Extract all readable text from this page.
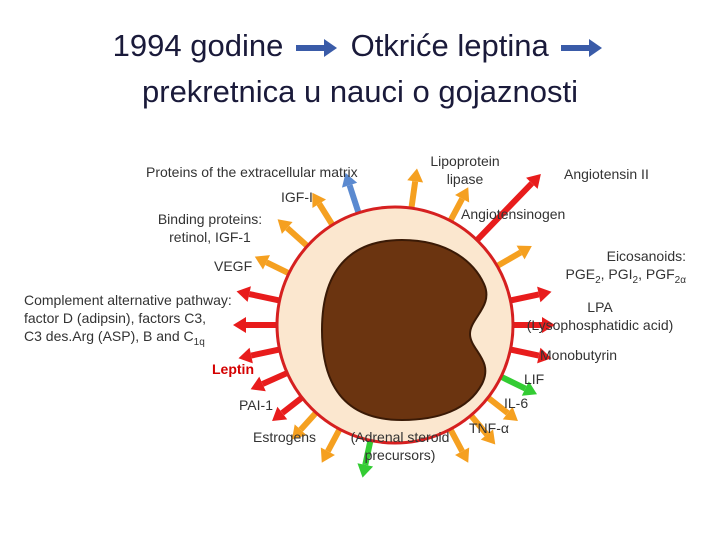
1994 godine Otkriće leptina
prekretnica u nauci o gojaznosti
Proteins of the extracellular matrix
IGF-I
Binding proteins:
retinol, IGF-1
VEGF
Complement alternative pathway:
factor D (adipsin), factors C3,
C3 des.Arg (ASP), B and $C_{1q}$
Leptin
PAI-1
Estrogens	(Adrenal steroid
precursors)
Lipoprotein
lipase	Angiotensin II
Angiotensinogen
Eicosanoids:
$PGE_2$, $PGI_2$, $PGF_{2\alpha}$
LPA
(Lysophosphatidic acid)
Monobutyrin
LIF
IL-6
TNF-α
